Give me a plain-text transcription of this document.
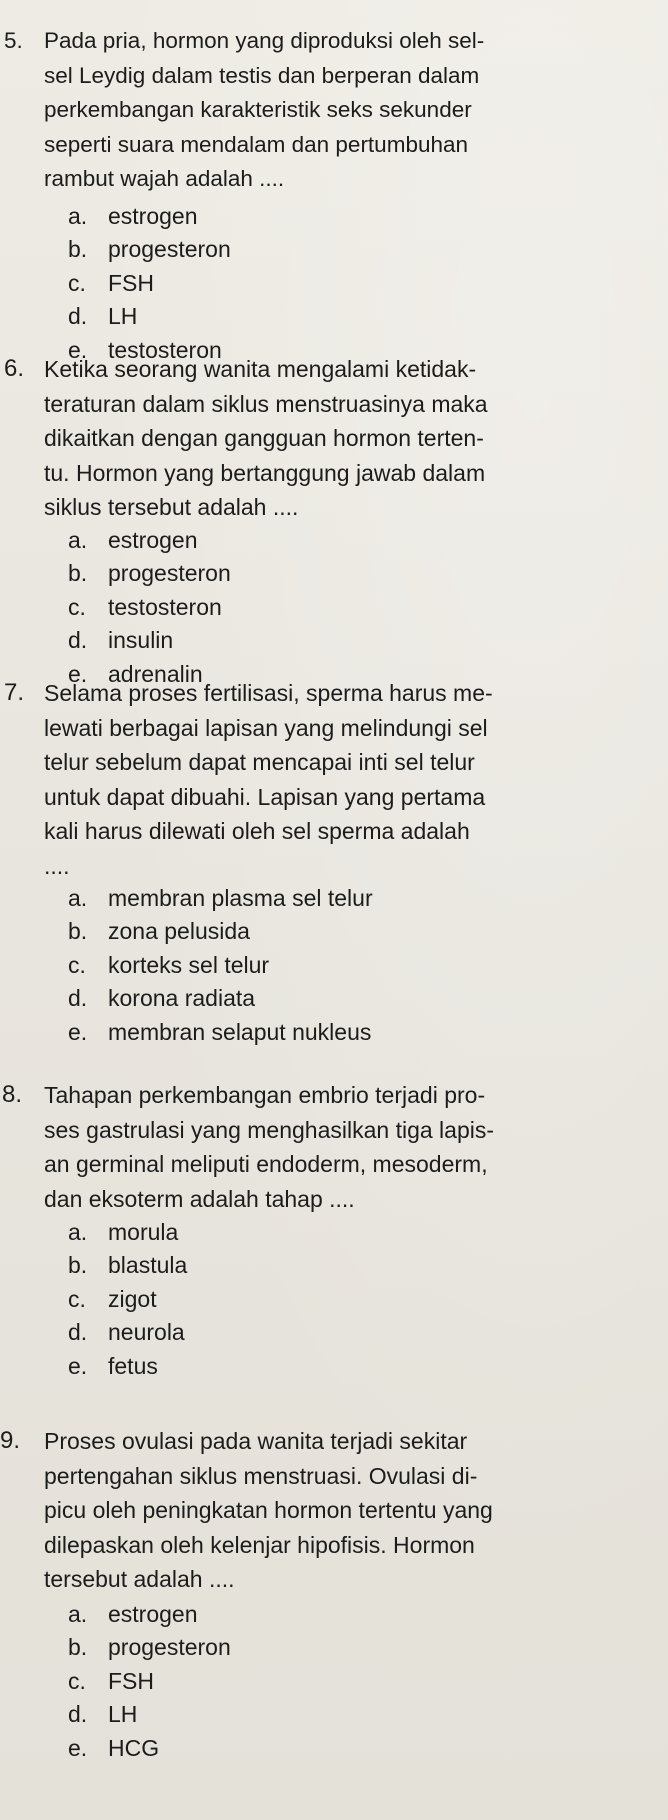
5. Pada pria, hormon yang diproduksi oleh sel-
sel Leydig dalam testis dan berperan dalam
perkembangan karakteristik seks sekunder
seperti suara mendalam dan pertumbuhan
rambut wajah adalah ....
a. estrogen
b. progesteron
c. FSH
d. LH
e. testosteron
6. Ketika seorang wanita mengalami ketidak-
teraturan dalam siklus menstruasinya maka
dikaitkan dengan gangguan hormon terten-
tu. Hormon yang bertanggung jawab dalam
siklus tersebut adalah ....
a. estrogen
b. progesteron
c. testosteron
d. insulin
e. adrenalin
7. Selama proses fertilisasi, sperma harus me-
lewati berbagai lapisan yang melindungi sel
telur sebelum dapat mencapai inti sel telur
untuk dapat dibuahi. Lapisan yang pertama
kali harus dilewati oleh sel sperma adalah
....
a. membran plasma sel telur
b. zona pelusida
c. korteks sel telur
d. korona radiata
e. membran selaput nukleus
8. Tahapan perkembangan embrio terjadi pro-
ses gastrulasi yang menghasilkan tiga lapis-
an germinal meliputi endoderm, mesoderm,
dan eksoterm adalah tahap ....
a. morula
b. blastula
c. zigot
d. neurola
e. fetus
9. Proses ovulasi pada wanita terjadi sekitar
pertengahan siklus menstruasi. Ovulasi di-
picu oleh peningkatan hormon tertentu yang
dilepaskan oleh kelenjar hipofisis. Hormon
tersebut adalah ....
a. estrogen
b. progesteron
c. FSH
d. LH
e. HCG
